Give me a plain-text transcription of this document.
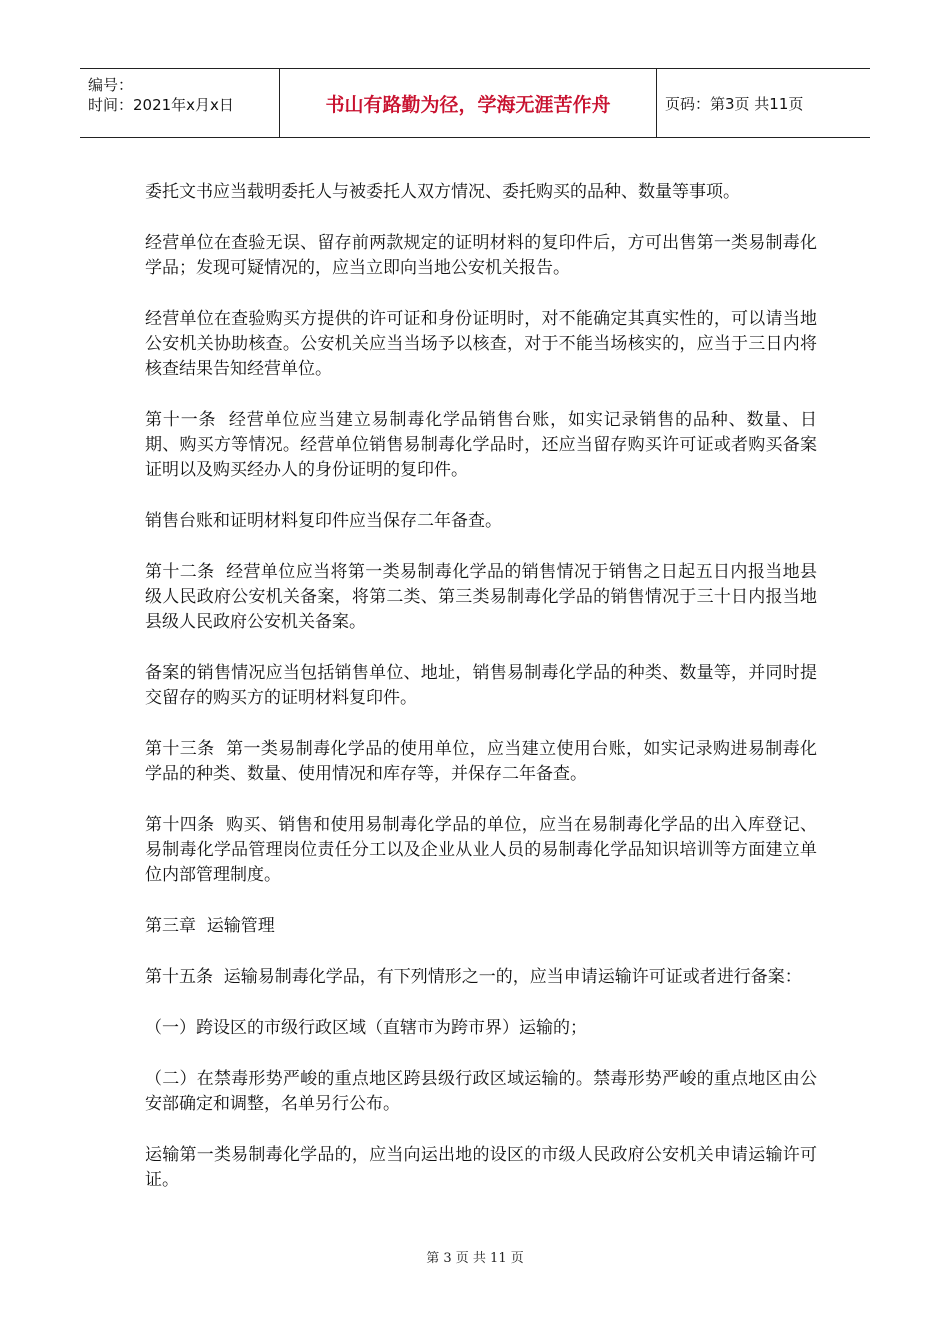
编号：
时间：2021年x月x日	书山有路勤为径，学海无涯苦作舟	页码：第3页 共11页

委托文书应当载明委托人与被委托人双方情况、委托购买的品种、数量等事项。

经营单位在查验无误、留存前两款规定的证明材料的复印件后，方可出售第一类易制毒化学品；发现可疑情况的，应当立即向当地公安机关报告。

经营单位在查验购买方提供的许可证和身份证明时，对不能确定其真实性的，可以请当地公安机关协助核查。公安机关应当当场予以核查，对于不能当场核实的，应当于三日内将核查结果告知经营单位。

第十一条  经营单位应当建立易制毒化学品销售台账，如实记录销售的品种、数量、日期、购买方等情况。经营单位销售易制毒化学品时，还应当留存购买许可证或者购买备案证明以及购买经办人的身份证明的复印件。

销售台账和证明材料复印件应当保存二年备查。

第十二条  经营单位应当将第一类易制毒化学品的销售情况于销售之日起五日内报当地县级人民政府公安机关备案，将第二类、第三类易制毒化学品的销售情况于三十日内报当地县级人民政府公安机关备案。

备案的销售情况应当包括销售单位、地址，销售易制毒化学品的种类、数量等，并同时提交留存的购买方的证明材料复印件。

第十三条  第一类易制毒化学品的使用单位，应当建立使用台账，如实记录购进易制毒化学品的种类、数量、使用情况和库存等，并保存二年备查。

第十四条  购买、销售和使用易制毒化学品的单位，应当在易制毒化学品的出入库登记、易制毒化学品管理岗位责任分工以及企业从业人员的易制毒化学品知识培训等方面建立单位内部管理制度。

第三章  运输管理

第十五条  运输易制毒化学品，有下列情形之一的，应当申请运输许可证或者进行备案：

（一）跨设区的市级行政区域（直辖市为跨市界）运输的；

（二）在禁毒形势严峻的重点地区跨县级行政区域运输的。禁毒形势严峻的重点地区由公安部确定和调整，名单另行公布。

运输第一类易制毒化学品的，应当向运出地的设区的市级人民政府公安机关申请运输许可证。

第 3 页 共 11 页
